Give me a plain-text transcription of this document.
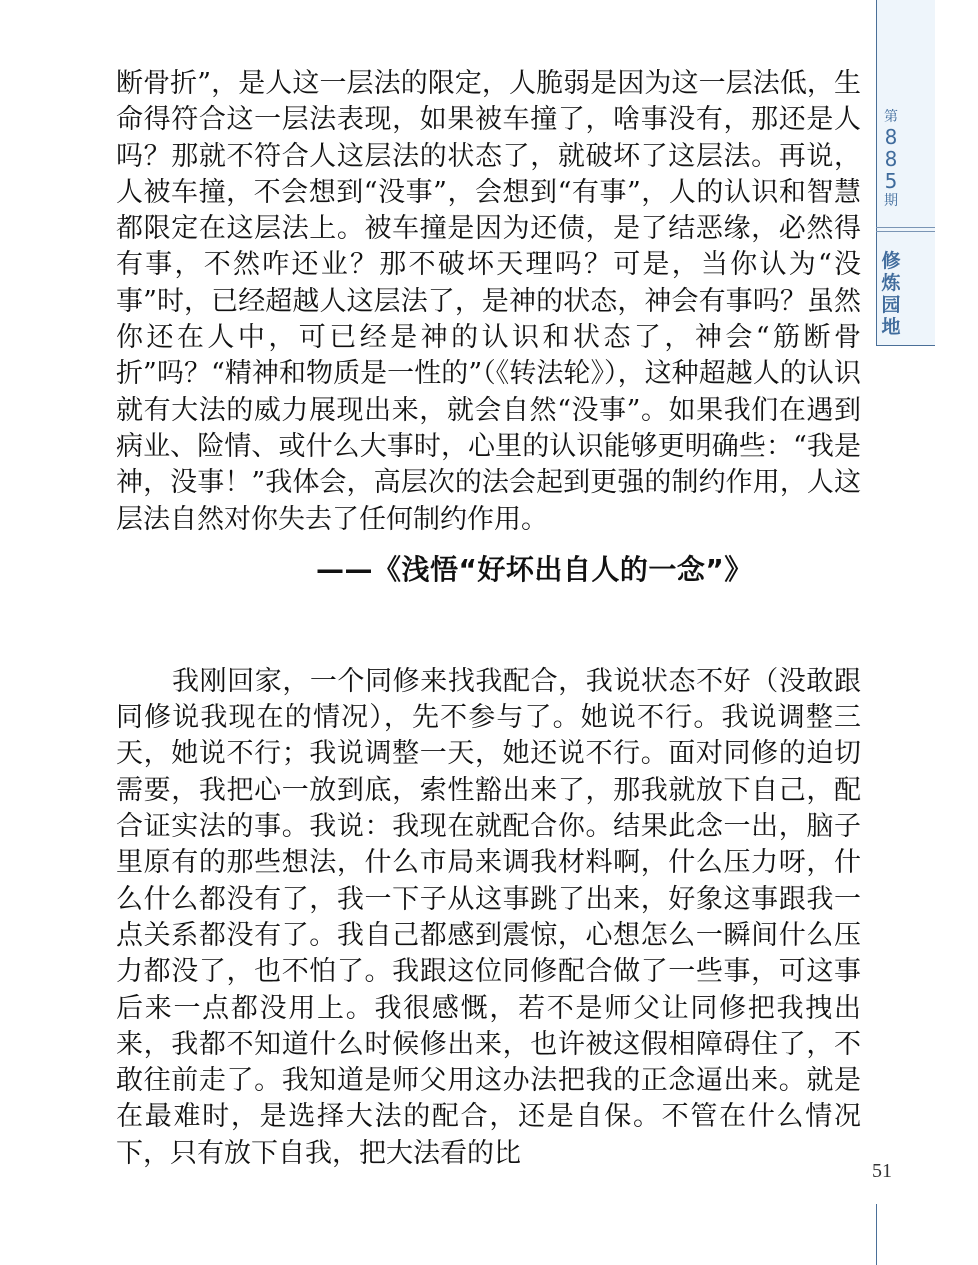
第
8
8
5
期
修
炼
园
地

断骨折”，是人这一层法的限定，人脆弱是因为这一层法低，生命得符合这一层法表现，如果被车撞了，啥事没有，那还是人吗？那就不符合人这层法的状态了，就破坏了这层法。再说，人被车撞，不会想到“没事”，会想到“有事”，人的认识和智慧都限定在这层法上。被车撞是因为还债，是了结恶缘，必然得有事，不然咋还业？那不破坏天理吗？可是，当你认为“没事”时，已经超越人这层法了，是神的状态，神会有事吗？虽然你还在人中，可已经是神的认识和状态了，神会“筋断骨折”吗？“精神和物质是一性的”（《转法轮》），这种超越人的认识就有大法的威力展现出来，就会自然“没事”。如果我们在遇到病业、险情、或什么大事时，心里的认识能够更明确些：“我是神，没事！”我体会，高层次的法会起到更强的制约作用，人这层法自然对你失去了任何制约作用。

——《浅悟“好坏出自人的一念”》

我刚回家，一个同修来找我配合，我说状态不好（没敢跟同修说我现在的情况），先不参与了。她说不行。我说调整三天，她说不行；我说调整一天，她还说不行。面对同修的迫切需要，我把心一放到底，索性豁出来了，那我就放下自己，配合证实法的事。我说：我现在就配合你。结果此念一出，脑子里原有的那些想法，什么市局来调我材料啊，什么压力呀，什么什么都没有了，我一下子从这事跳了出来，好象这事跟我一点关系都没有了。我自己都感到震惊，心想怎么一瞬间什么压力都没了，也不怕了。我跟这位同修配合做了一些事，可这事后来一点都没用上。我很感慨，若不是师父让同修把我拽出来，我都不知道什么时候修出来，也许被这假相障碍住了，不敢往前走了。我知道是师父用这办法把我的正念逼出来。就是在最难时，是选择大法的配合，还是自保。不管在什么情况下，只有放下自我，把大法看的比

51
